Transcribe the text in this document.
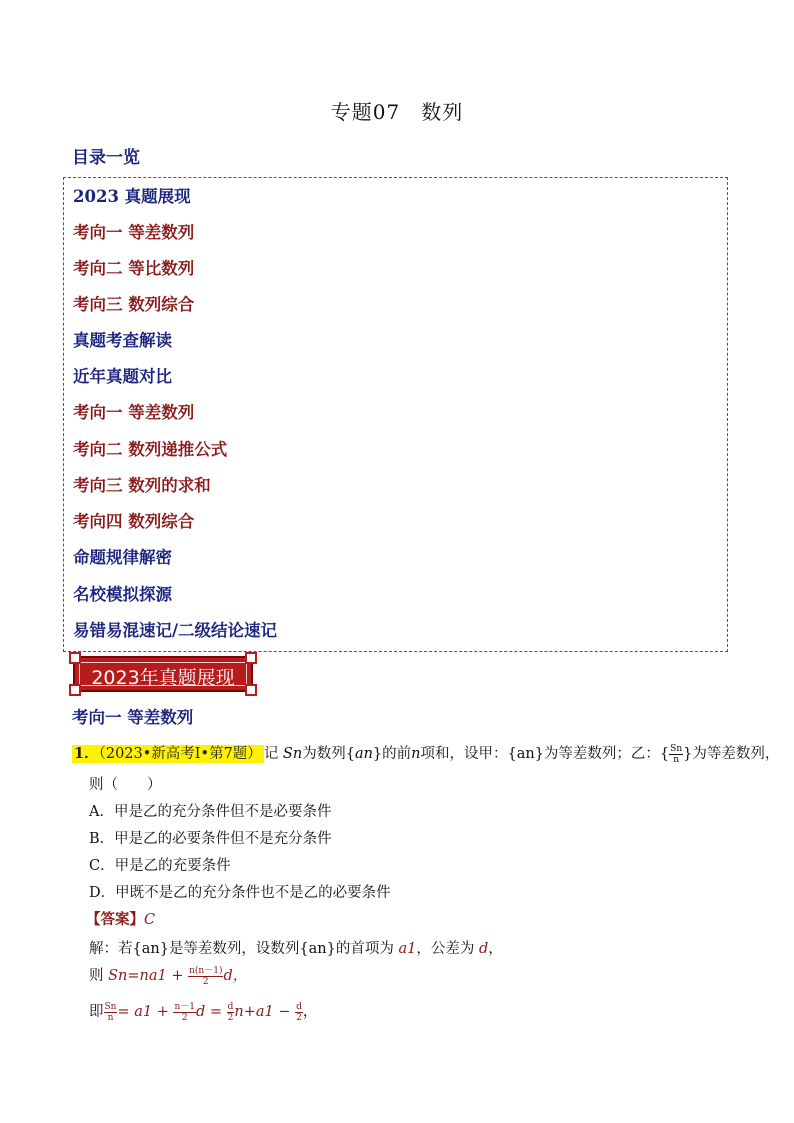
专题07　数列
目录一览
2023 真题展现
考向一 等差数列
考向二 等比数列
考向三 数列综合
真题考查解读
近年真题对比
考向一 等差数列
考向二 数列递推公式
考向三 数列的求和
考向四 数列综合
命题规律解密
名校模拟探源
易错易混速记/二级结论速记
2023年真题展现
考向一 等差数列
1．（2023•新高考Ⅰ•第7题） 记 Sn为数列{an}的前n项和，设甲：{an}为等差数列；乙：{ $\frac{Sn}{n}$ }为等差数列，
则（　　）
A．甲是乙的充分条件但不是必要条件
B．甲是乙的必要条件但不是充分条件
C．甲是乙的充要条件
D．甲既不是乙的充分条件也不是乙的必要条件
【答案】C
解：若{an}是等差数列，设数列{an}的首项为 a1，公差为 d，
则 $Sn=na1 + \frac{n(n-1)}{2}$ d，
即 $\frac{Sn}{n} = a1 + \frac{n-1}{2}$ $d = \frac{d}{2} n+a1 - \frac{d}{2}$ ，
